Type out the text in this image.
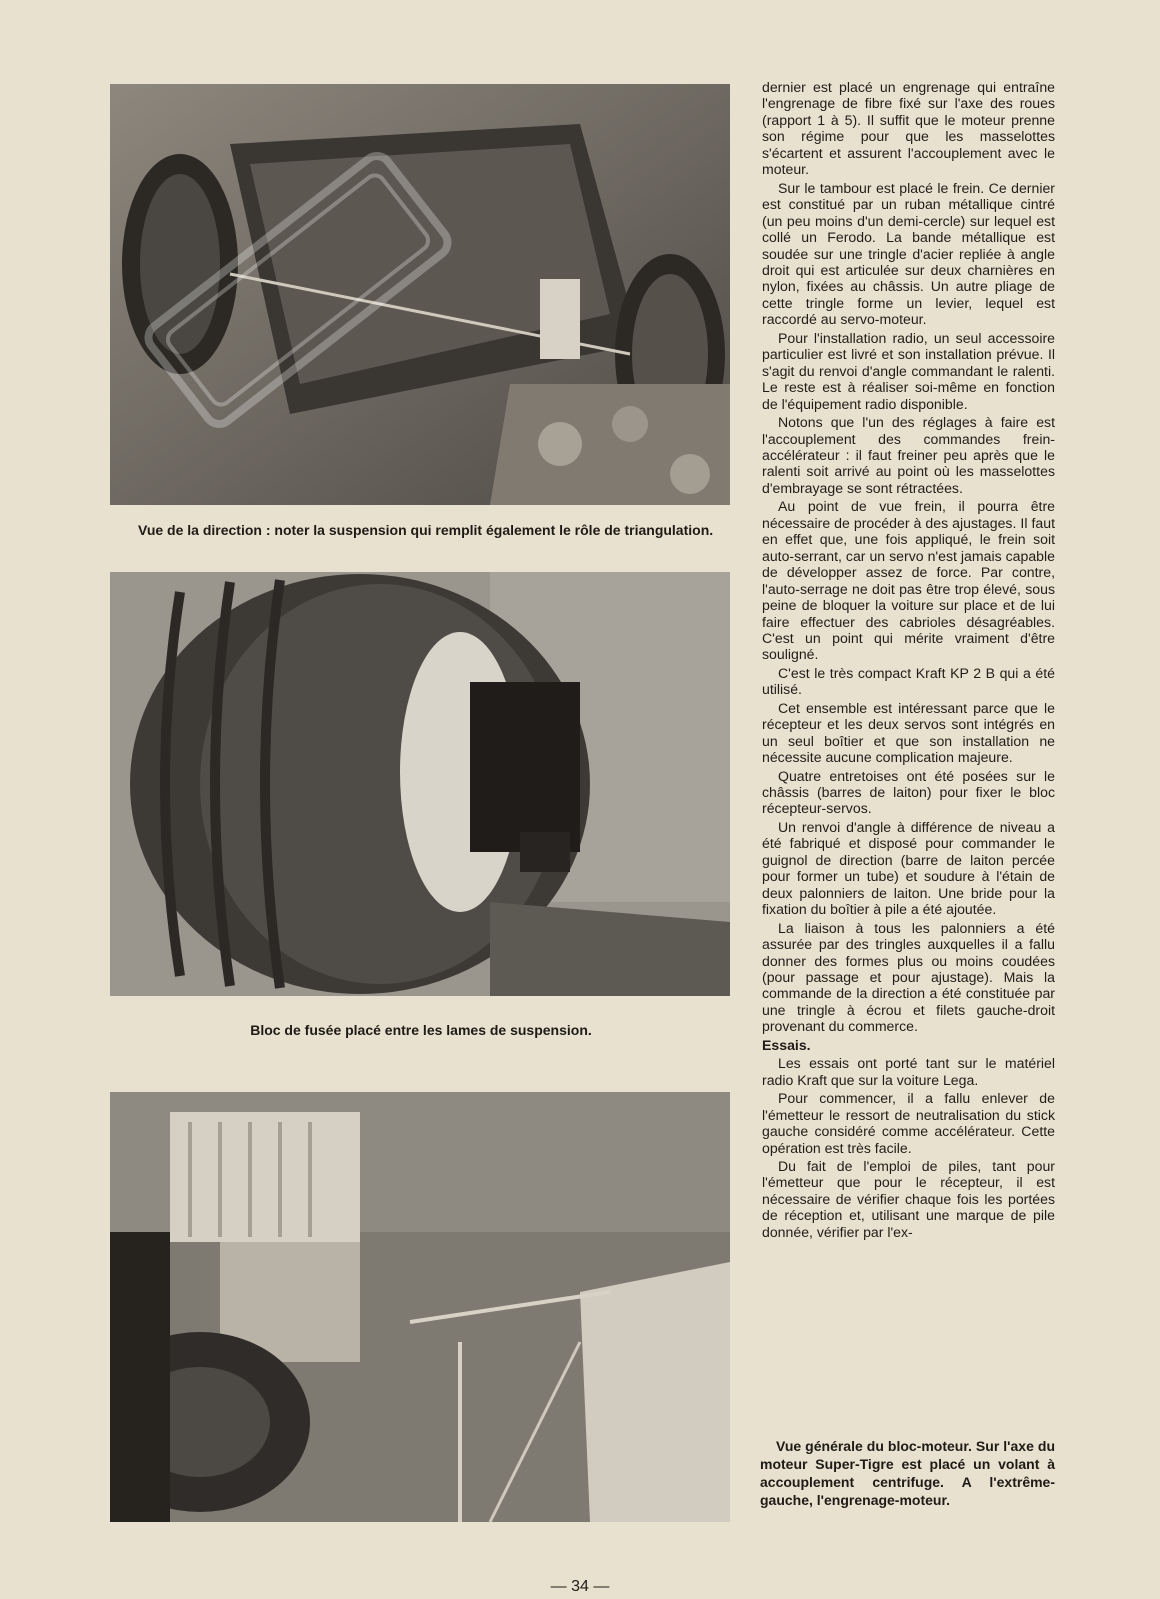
Vue de la direction : noter la suspension qui remplit également le rôle de triangulation.
Bloc de fusée placé entre les lames de suspension.
Vue générale du bloc-moteur. Sur l'axe du moteur Super-Tigre est placé un volant à accouplement centrifuge. A l'extrême-gauche, l'engrenage-moteur.

dernier est placé un engrenage qui entraîne l'engrenage de fibre fixé sur l'axe des roues (rapport 1 à 5). Il suffit que le moteur prenne son régime pour que les masselottes s'écartent et assurent l'accouplement avec le moteur.

Sur le tambour est placé le frein. Ce dernier est constitué par un ruban métallique cintré (un peu moins d'un demi-cercle) sur lequel est collé un Ferodo. La bande métallique est soudée sur une tringle d'acier repliée à angle droit qui est articulée sur deux charnières en nylon, fixées au châssis. Un autre pliage de cette tringle forme un levier, lequel est raccordé au servo-moteur.

Pour l'installation radio, un seul accessoire particulier est livré et son installation prévue. Il s'agit du renvoi d'angle commandant le ralenti. Le reste est à réaliser soi-même en fonction de l'équipement radio disponible.

Notons que l'un des réglages à faire est l'accouplement des commandes frein-accélérateur : il faut freiner peu après que le ralenti soit arrivé au point où les masselottes d'embrayage se sont rétractées.

Au point de vue frein, il pourra être nécessaire de procéder à des ajustages. Il faut en effet que, une fois appliqué, le frein soit auto-serrant, car un servo n'est jamais capable de développer assez de force. Par contre, l'auto-serrage ne doit pas être trop élevé, sous peine de bloquer la voiture sur place et de lui faire effectuer des cabrioles désagréables. C'est un point qui mérite vraiment d'être souligné.

C'est le très compact Kraft KP 2 B qui a été utilisé.

Cet ensemble est intéressant parce que le récepteur et les deux servos sont intégrés en un seul boîtier et que son installation ne nécessite aucune complication majeure.

Quatre entretoises ont été posées sur le châssis (barres de laiton) pour fixer le bloc récepteur-servos.

Un renvoi d'angle à différence de niveau a été fabriqué et disposé pour commander le guignol de direction (barre de laiton percée pour former un tube) et soudure à l'étain de deux palonniers de laiton. Une bride pour la fixation du boîtier à pile a été ajoutée.

La liaison à tous les palonniers a été assurée par des tringles auxquelles il a fallu donner des formes plus ou moins coudées (pour passage et pour ajustage). Mais la commande de la direction a été constituée par une tringle à écrou et filets gauche-droit provenant du commerce.

Essais.

Les essais ont porté tant sur le matériel radio Kraft que sur la voiture Lega.

Pour commencer, il a fallu enlever de l'émetteur le ressort de neutralisation du stick gauche considéré comme accélérateur. Cette opération est très facile.

Du fait de l'emploi de piles, tant pour l'émetteur que pour le récepteur, il est nécessaire de vérifier chaque fois les portées de réception et, utilisant une marque de pile donnée, vérifier par l'ex-

— 34 —
